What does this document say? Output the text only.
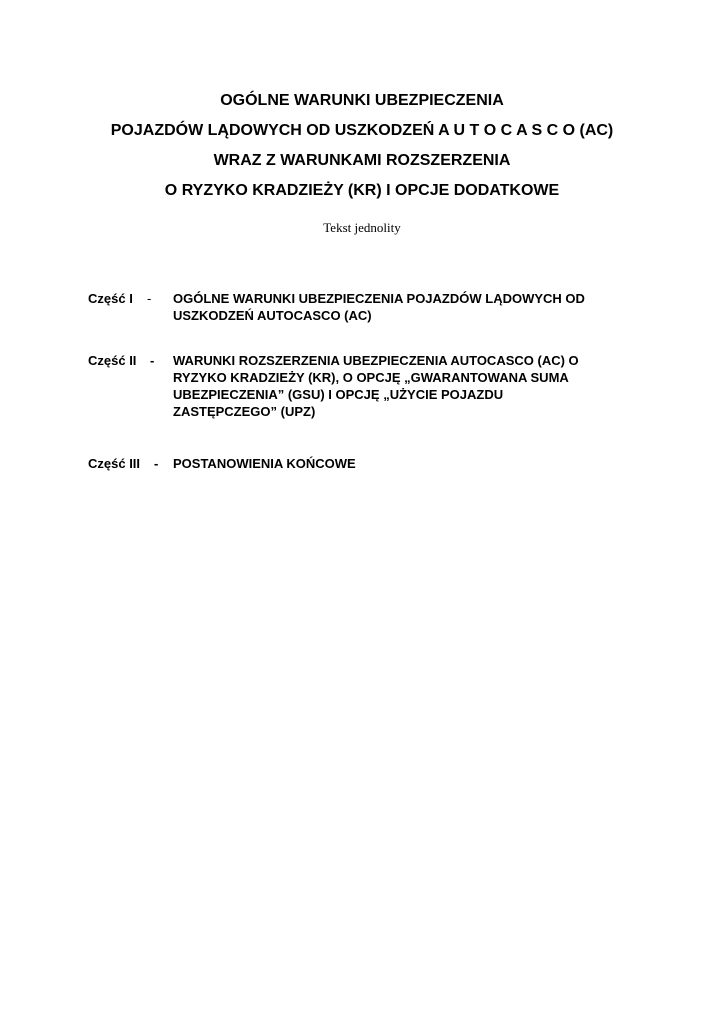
OGÓLNE WARUNKI UBEZPIECZENIA
POJAZDÓW LĄDOWYCH OD USZKODZEŃ A U T O C A S C O (AC)
WRAZ Z WARUNKAMI ROZSZERZENIA
O RYZYKO KRADZIEŻY (KR) I OPCJE DODATKOWE
Tekst jednolity
Część I - OGÓLNE WARUNKI UBEZPIECZENIA POJAZDÓW LĄDOWYCH OD
USZKODZEŃ AUTOCASCO (AC)
Część II - WARUNKI ROZSZERZENIA UBEZPIECZENIA AUTOCASCO (AC) O
RYZYKO KRADZIEŻY (KR), O OPCJĘ „GWARANTOWANA SUMA
UBEZPIECZENIA” (GSU) I OPCJĘ „UŻYCIE POJAZDU
ZASTĘPCZEGO” (UPZ)
Część III - POSTANOWIENIA KOŃCOWE
